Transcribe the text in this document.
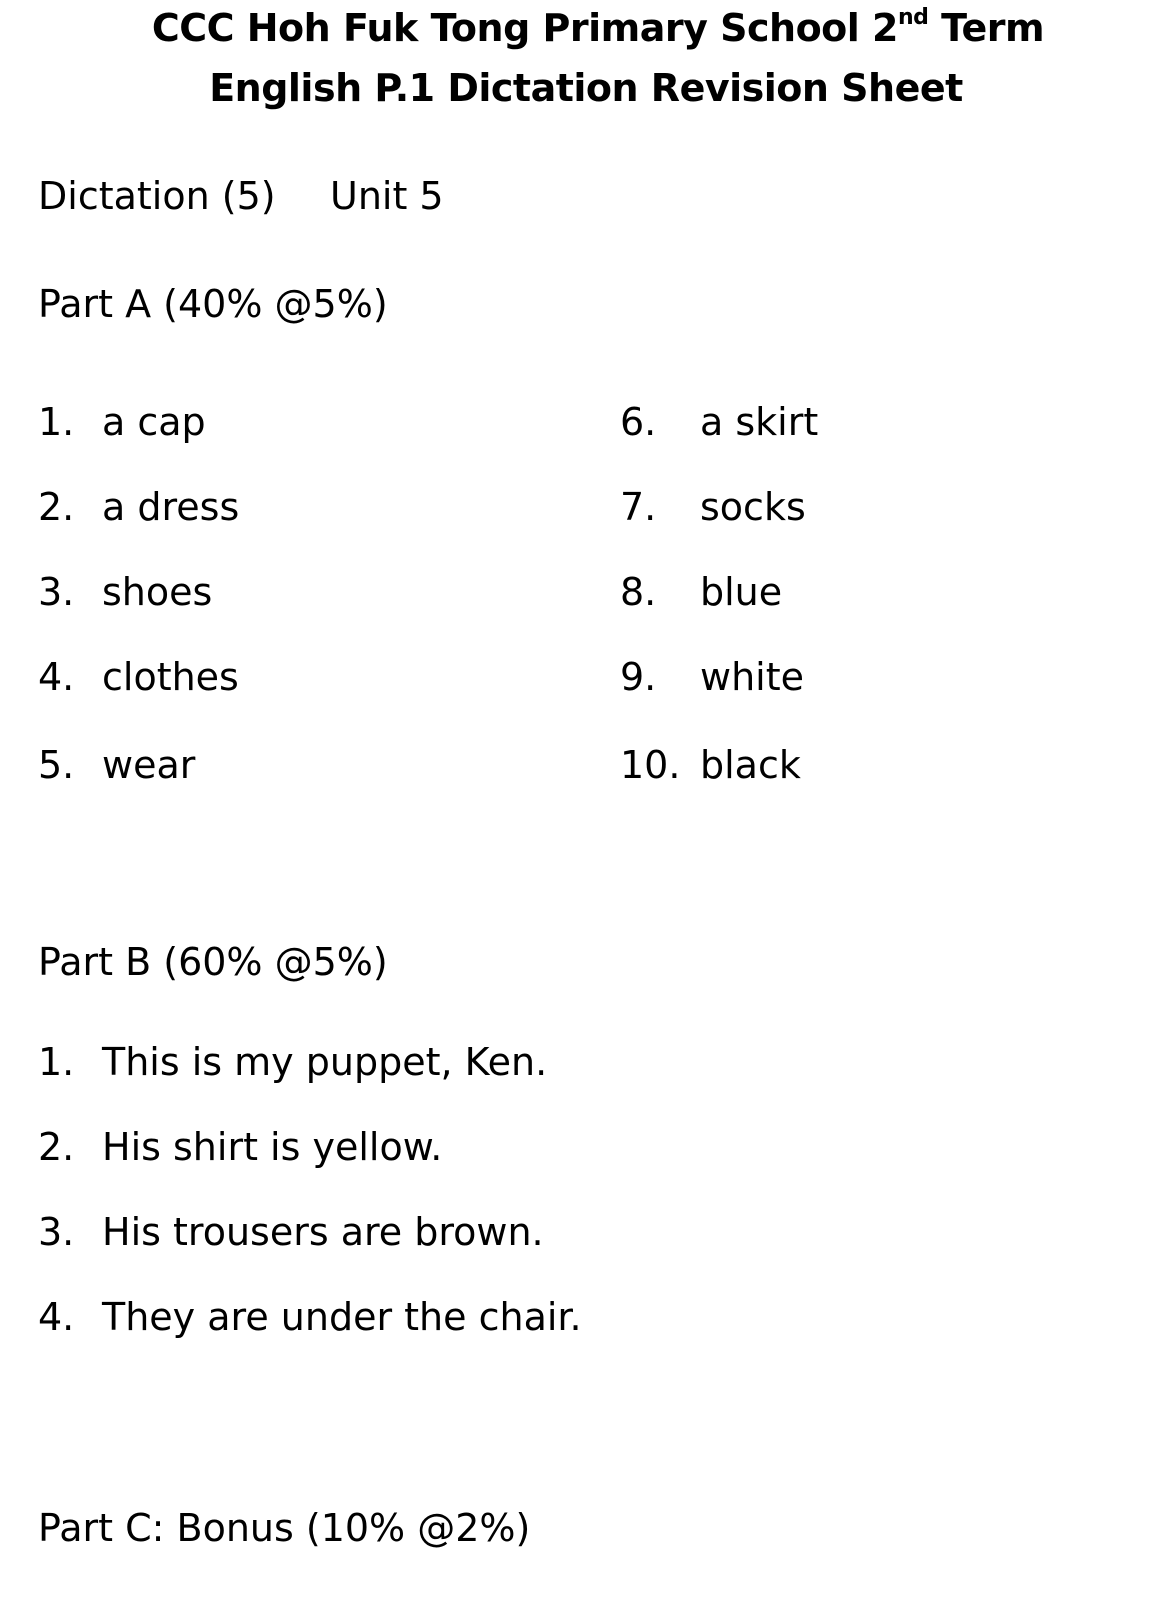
CCC Hoh Fuk Tong Primary School 2nd Term
English P.1 Dictation Revision Sheet
Dictation (5) Unit 5
Part A (40% @5%)
1. a cap
2. a dress
3. shoes
4. clothes
5. wear
6. a skirt
7. socks
8. blue
9. white
10. black
Part B (60% @5%)
1. This is my puppet, Ken.
2. His shirt is yellow.
3. His trousers are brown.
4. They are under the chair.
Part C: Bonus (10% @2%)
